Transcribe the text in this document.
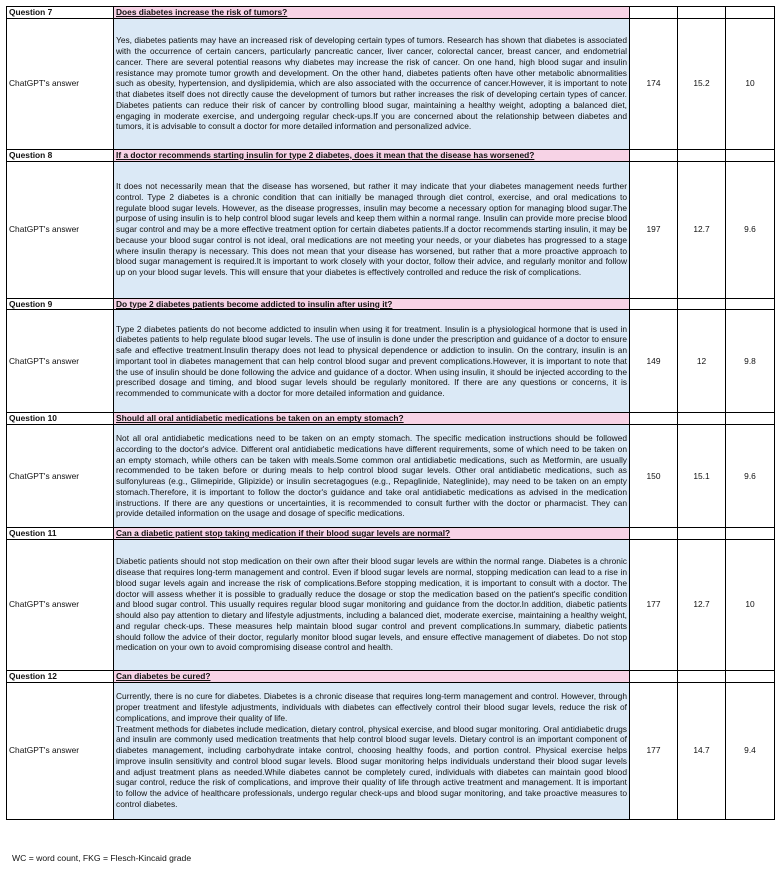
Question 7	Does diabetes increase the risk of tumors?			
ChatGPT's answer	Yes, diabetes patients may have an increased risk of developing certain types of tumors. Research has shown that diabetes is associated with the occurrence of certain cancers, particularly pancreatic cancer, liver cancer, colorectal cancer, breast cancer, and endometrial cancer. There are several potential reasons why diabetes may increase the risk of cancer. On one hand, high blood sugar and insulin resistance may promote tumor growth and development. On the other hand, diabetes patients often have other metabolic abnormalities such as obesity, hypertension, and dyslipidemia, which are also associated with the occurrence of cancer.However, it is important to note that diabetes itself does not directly cause the development of tumors but rather increases the risk of developing certain types of cancer. Diabetes patients can reduce their risk of cancer by controlling blood sugar, maintaining a healthy weight, adopting a balanced diet, engaging in moderate exercise, and undergoing regular check-ups.If you are concerned about the relationship between diabetes and tumors, it is advisable to consult a doctor for more detailed information and personalized advice.	174	15.2	10
Question 8	If a doctor recommends starting insulin for type 2 diabetes, does it mean that the disease has worsened?			
ChatGPT's answer	It does not necessarily mean that the disease has worsened, but rather it may indicate that your diabetes management needs further control. Type 2 diabetes is a chronic condition that can initially be managed through diet control, exercise, and oral medications to regulate blood sugar levels. However, as the disease progresses, insulin may become a necessary option for managing blood sugar.The purpose of using insulin is to help control blood sugar levels and keep them within a normal range. Insulin can provide more precise blood sugar control and may be a more effective treatment option for certain diabetes patients.If a doctor recommends starting insulin, it may be because your blood sugar control is not ideal, oral medications are not meeting your needs, or your diabetes has progressed to a stage where insulin therapy is necessary. This does not mean that your disease has worsened, but rather that a more proactive approach to blood sugar management is required.It is important to work closely with your doctor, follow their advice, and regularly monitor and follow up on your blood sugar levels. This will ensure that your diabetes is effectively controlled and reduce the risk of complications.	197	12.7	9.6
Question 9	Do type 2 diabetes patients become addicted to insulin after using it?			
ChatGPT's answer	Type 2 diabetes patients do not become addicted to insulin when using it for treatment. Insulin is a physiological hormone that is used in diabetes patients to help regulate blood sugar levels. The use of insulin is done under the prescription and guidance of a doctor to ensure safe and effective treatment.Insulin therapy does not lead to physical dependence or addiction to insulin. On the contrary, insulin is an important tool in diabetes management that can help control blood sugar and prevent complications.However, it is important to note that the use of insulin should be done following the advice and guidance of a doctor. When using insulin, it should be injected according to the prescribed dosage and timing, and blood sugar levels should be regularly monitored. If there are any questions or concerns, it is recommended to communicate with a doctor for more detailed information and guidance.	149	12	9.8
Question 10	Should all oral antidiabetic medications be taken on an empty stomach?			
ChatGPT's answer	Not all oral antidiabetic medications need to be taken on an empty stomach. The specific medication instructions should be followed according to the doctor's advice. Different oral antidiabetic medications have different requirements, some of which need to be taken on an empty stomach, while others can be taken with meals.Some common oral antidiabetic medications, such as Metformin, are usually recommended to be taken before or during meals to help control blood sugar levels. Other oral antidiabetic medications, such as sulfonylureas (e.g., Glimepiride, Glipizide) or insulin secretagogues (e.g., Repaglinide, Nateglinide), may need to be taken on an empty stomach.Therefore, it is important to follow the doctor's guidance and take oral antidiabetic medications as advised in the medication instructions. If there are any questions or uncertainties, it is recommended to consult further with the doctor or pharmacist. They can provide detailed information on the usage and dosage of specific medications.	150	15.1	9.6
Question 11	Can a diabetic patient stop taking medication if their blood sugar levels are normal?			
ChatGPT's answer	Diabetic patients should not stop medication on their own after their blood sugar levels are within the normal range. Diabetes is a chronic disease that requires long-term management and control. Even if blood sugar levels are normal, stopping medication can lead to a rise in blood sugar levels again and increase the risk of complications.Before stopping medication, it is important to consult with a doctor. The doctor will assess whether it is possible to gradually reduce the dosage or stop the medication based on the patient's specific condition and blood sugar control. This usually requires regular blood sugar monitoring and guidance from the doctor.In addition, diabetic patients should also pay attention to dietary and lifestyle adjustments, including a balanced diet, moderate exercise, maintaining a healthy weight, and regular check-ups. These measures help maintain blood sugar control and prevent complications.In summary, diabetic patients should follow the advice of their doctor, regularly monitor blood sugar levels, and ensure effective management of diabetes. Do not stop medication on your own to avoid compromising disease control and health.	177	12.7	10
Question 12	Can diabetes be cured?			
ChatGPT's answer	Currently, there is no cure for diabetes. Diabetes is a chronic disease that requires long-term management and control. However, through proper treatment and lifestyle adjustments, individuals with diabetes can effectively control their blood sugar levels, reduce the risk of complications, and improve their quality of life.
Treatment methods for diabetes include medication, dietary control, physical exercise, and blood sugar monitoring. Oral antidiabetic drugs and insulin are commonly used medication treatments that help control blood sugar levels. Dietary control is an important component of diabetes management, including carbohydrate intake control, choosing healthy foods, and portion control. Physical exercise helps improve insulin sensitivity and control blood sugar levels. Blood sugar monitoring helps individuals understand their blood sugar levels and adjust treatment plans as needed.While diabetes cannot be completely cured, individuals with diabetes can maintain good blood sugar control, reduce the risk of complications, and improve their quality of life through active treatment and management. It is important to follow the advice of healthcare professionals, undergo regular check-ups and blood sugar monitoring, and take proactive measures to control diabetes.	177	14.7	9.4
WC = word count, FKG = Flesch-Kincaid grade
